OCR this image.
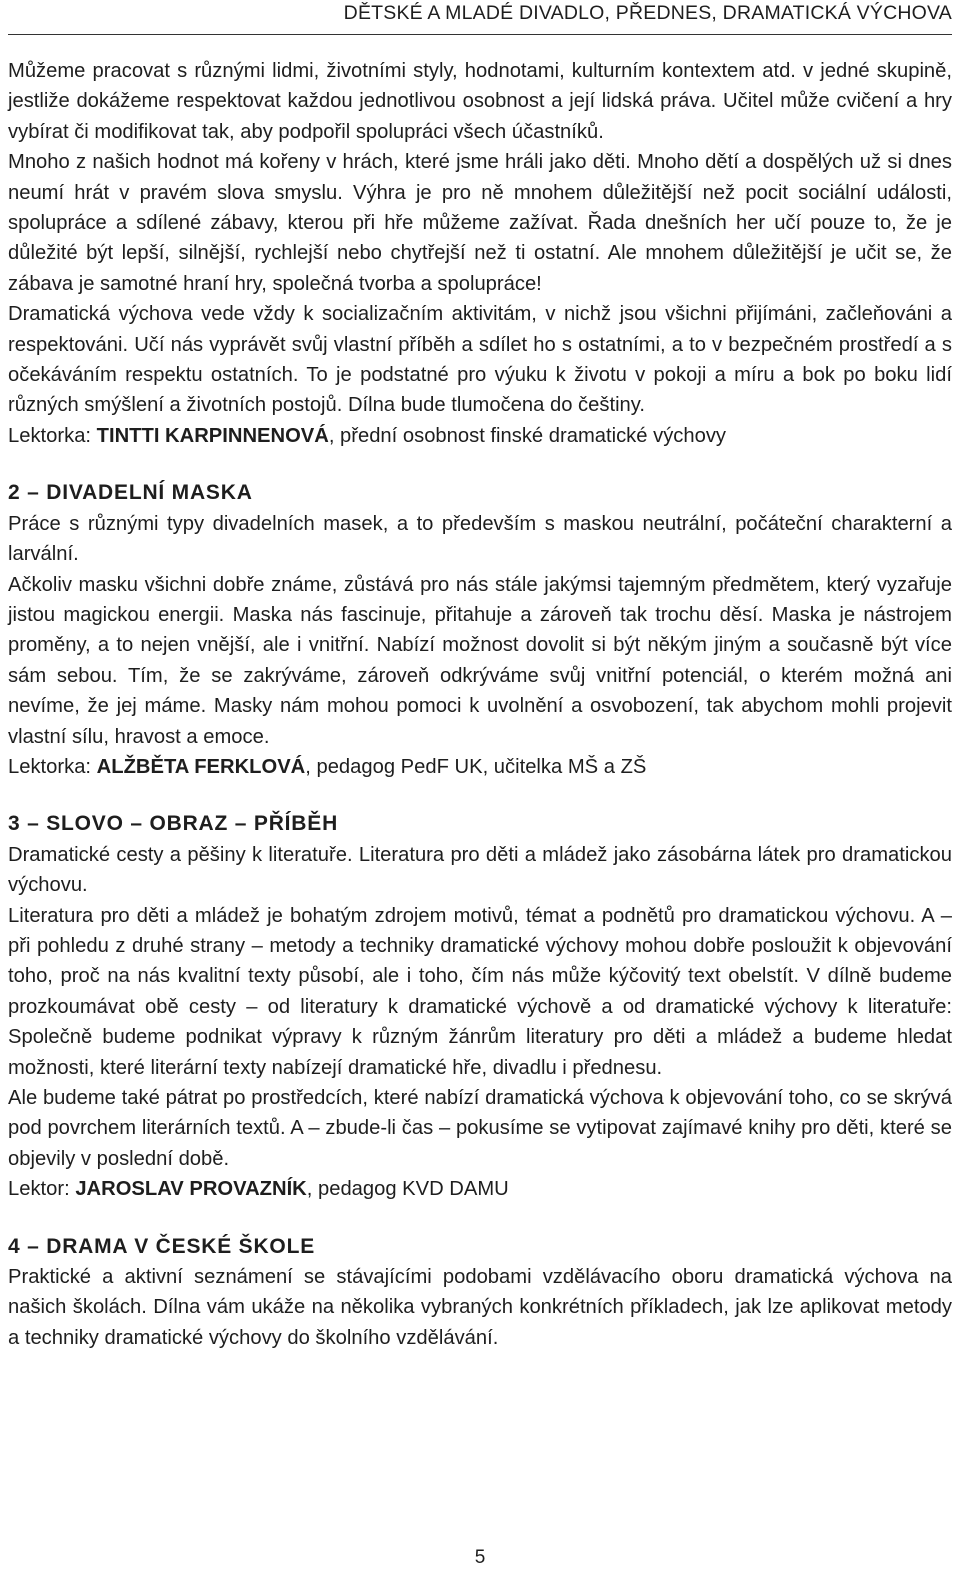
DĚTSKÉ A MLADÉ DIVADLO, PŘEDNES, DRAMATICKÁ VÝCHOVA

Můžeme pracovat s různými lidmi, životními styly, hodnotami, kulturním kontextem atd. v jedné skupině, jestliže dokážeme respektovat každou jednotlivou osobnost a její lidská práva. Učitel může cvičení a hry vybírat či modifikovat tak, aby podpořil spolupráci všech účastníků.

Mnoho z našich hodnot má kořeny v hrách, které jsme hráli jako děti. Mnoho dětí a dospělých už si dnes neumí hrát v pravém slova smyslu. Výhra je pro ně mnohem důležitější než pocit sociální události, spolupráce a sdílené zábavy, kterou při hře můžeme zažívat. Řada dnešních her učí pouze to, že je důležité být lepší, silnější, rychlejší nebo chytřejší než ti ostatní. Ale mnohem důležitější je učit se, že zábava je samotné hraní hry, společná tvorba a spolupráce!

Dramatická výchova vede vždy k socializačním aktivitám, v nichž jsou všichni přijímáni, začleňováni a respektováni. Učí nás vyprávět svůj vlastní příběh a sdílet ho s ostatními, a to v bezpečném prostředí a s očekáváním respektu ostatních. To je podstatné pro výuku k životu v pokoji a míru a bok po boku lidí různých smýšlení a životních postojů. Dílna bude tlumočena do češtiny.

Lektorka: TINTTI KARPINNENOVÁ, přední osobnost finské dramatické výchovy

2 – DIVADELNÍ MASKA

Práce s různými typy divadelních masek, a to především s maskou neutrální, počáteční charakterní a larvální.

Ačkoliv masku všichni dobře známe, zůstává pro nás stále jakýmsi tajemným předmětem, který vyzařuje jistou magickou energii. Maska nás fascinuje, přitahuje a zároveň tak trochu děsí. Maska je nástrojem proměny, a to nejen vnější, ale i vnitřní. Nabízí možnost dovolit si být někým jiným a současně být více sám sebou. Tím, že se zakrýváme, zároveň odkrýváme svůj vnitřní potenciál, o kterém možná ani nevíme, že jej máme. Masky nám mohou pomoci k uvolnění a osvobození, tak abychom mohli projevit vlastní sílu, hravost a emoce.

Lektorka: ALŽBĚTA FERKLOVÁ, pedagog PedF UK, učitelka MŠ a ZŠ

3 – SLOVO – OBRAZ – PŘÍBĚH

Dramatické cesty a pěšiny k literatuře. Literatura pro děti a mládež jako zásobárna látek pro dramatickou výchovu.

Literatura pro děti a mládež je bohatým zdrojem motivů, témat a podnětů pro dramatickou výchovu. A – při pohledu z druhé strany – metody a techniky dramatické výchovy mohou dobře posloužit k objevování toho, proč na nás kvalitní texty působí, ale i toho, čím nás může kýčovitý text obelstít. V dílně budeme prozkoumávat obě cesty – od literatury k dramatické výchově a od dramatické výchovy k literatuře: Společně budeme podnikat výpravy k různým žánrům literatury pro děti a mládež a budeme hledat možnosti, které literární texty nabízejí dramatické hře, divadlu i přednesu.

Ale budeme také pátrat po prostředcích, které nabízí dramatická výchova k objevování toho, co se skrývá pod povrchem literárních textů. A – zbude-li čas – pokusíme se vytipovat zajímavé knihy pro děti, které se objevily v poslední době.

Lektor: JAROSLAV PROVAZNÍK, pedagog KVD DAMU

4 – DRAMA V ČESKÉ ŠKOLE

Praktické a aktivní seznámení se stávajícími podobami vzdělávacího oboru dramatická výchova na našich školách. Dílna vám ukáže na několika vybraných konkrétních příkladech, jak lze aplikovat metody a techniky dramatické výchovy do školního vzdělávání.

5
